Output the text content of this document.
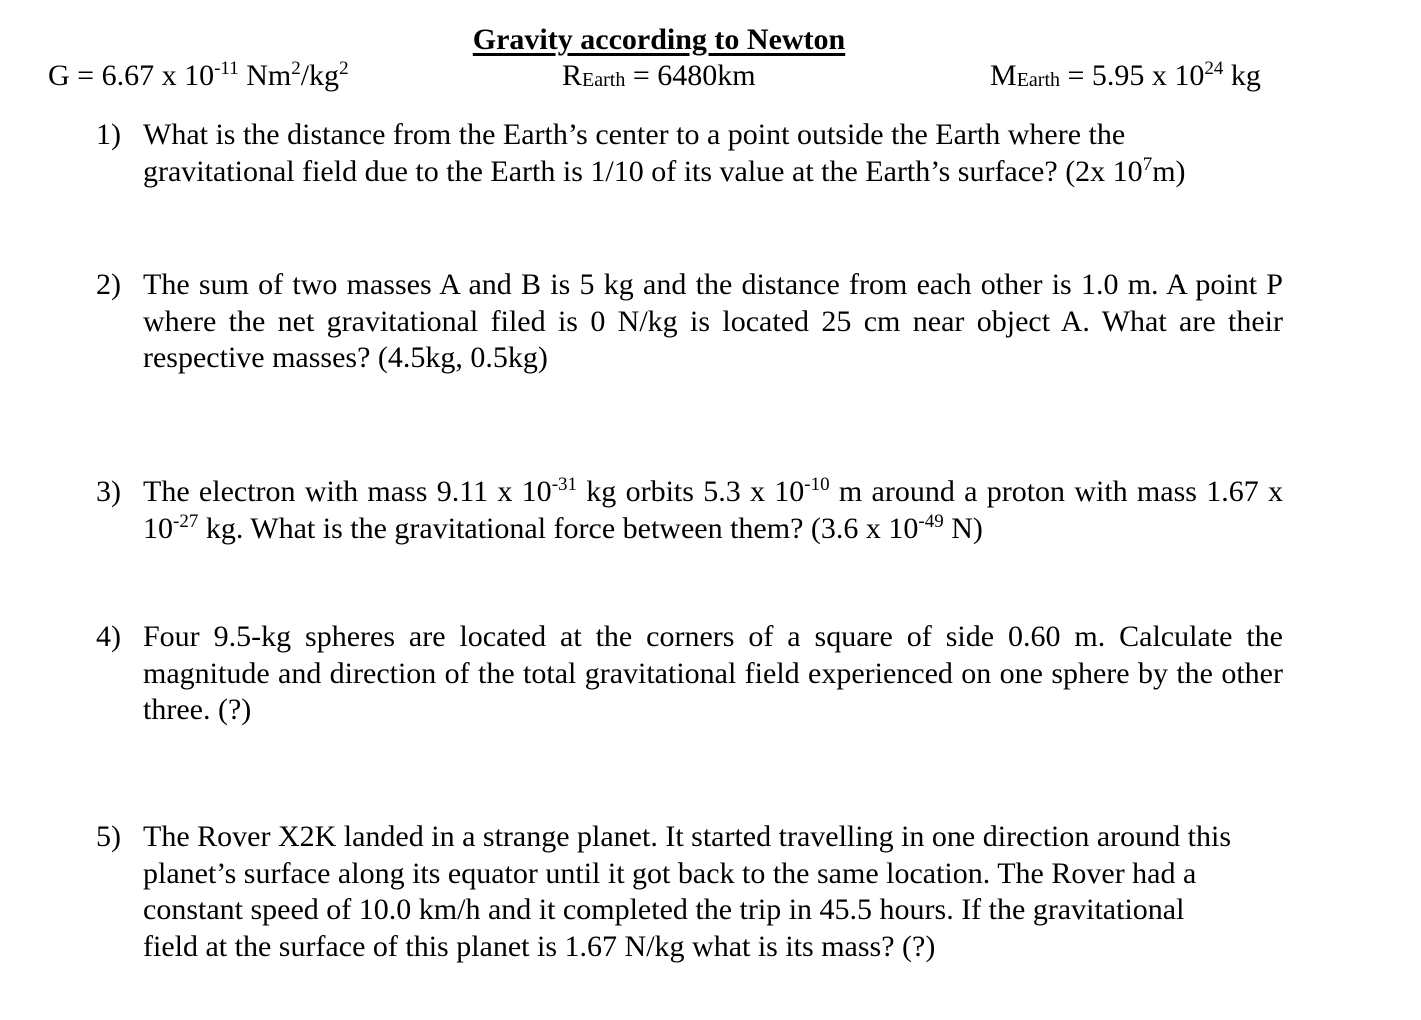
Gravity according to Newton
G = 6.67 x $10^{-11}$ $Nm^2/kg^2$	REarth = 6480km	MEarth = 5.95 x $10^{24}$ kg
1) What is the distance from the Earth’s center to a point outside the Earth where the gravitational field due to the Earth is 1/10 of its value at the Earth’s surface? (2x $10^7m$)
2) The sum of two masses A and B is 5 kg and the distance from each other is 1.0 m. A point P where the net gravitational filed is 0 N/kg is located 25 cm near object A. What are their respective masses? (4.5kg, 0.5kg)
3) The electron with mass 9.11 x $10^{-31}$ kg orbits 5.3 x $10^{-10}$ m around a proton with mass 1.67 x $10^{-27}$ kg. What is the gravitational force between them? (3.6 x $10^{-49}$ N)
4) Four 9.5-kg spheres are located at the corners of a square of side 0.60 m. Calculate the magnitude and direction of the total gravitational field experienced on one sphere by the other three. (?)
5) The Rover X2K landed in a strange planet. It started travelling in one direction around this planet’s surface along its equator until it got back to the same location. The Rover had a constant speed of 10.0 km/h and it completed the trip in 45.5 hours. If the gravitational field at the surface of this planet is 1.67 N/kg what is its mass? (?)
